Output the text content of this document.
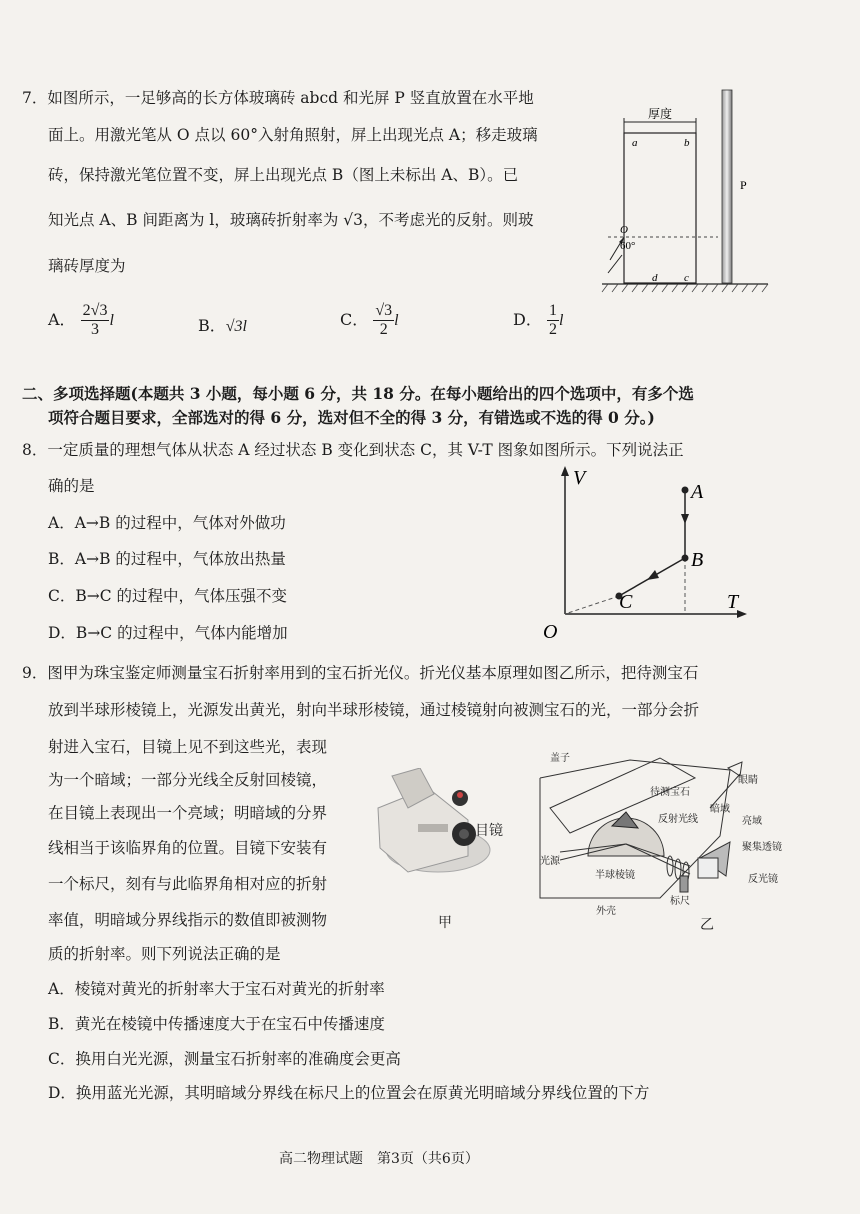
7．如图所示，一足够高的长方体玻璃砖 abcd 和光屏 P 竖直放置在水平地
面上。用激光笔从 O 点以 60°入射角照射，屏上出现光点 A；移走玻璃
砖，保持激光笔位置不变，屏上出现光点 B（图上未标出 A、B）。已
知光点 A、B 间距离为 l，玻璃砖折射率为 √3，不考虑光的反射。则玻
璃砖厚度为
A． $\frac{2√3}{3}$ l	B．√3l	C． $\frac{√3}{2}$ l	D． $\frac{1}{2}$ l
厚度
a	b
d c
O
60°
P
二、多项选择题(本题共 3 小题，每小题 6 分，共 18 分。在每小题给出的四个选项中，有多个选
项符合题目要求，全部选对的得 6 分，选对但不全的得 3 分，有错选或不选的得 0 分。)
8．一定质量的理想气体从状态 A 经过状态 B 变化到状态 C，其 V-T 图象如图所示。下列说法正
确的是
A．A→B 的过程中，气体对外做功
B．A→B 的过程中，气体放出热量
C．B→C 的过程中，气体压强不变
D．B→C 的过程中，气体内能增加
V
T
O
A
B
C
9．图甲为珠宝鉴定师测量宝石折射率用到的宝石折光仪。折光仪基本原理如图乙所示，把待测宝石
放到半球形棱镜上，光源发出黄光，射向半球形棱镜，通过棱镜射向被测宝石的光，一部分会折
射进入宝石，目镜上见不到这些光，表现
为一个暗域；一部分光线全反射回棱镜，
在目镜上表现出一个亮域；明暗域的分界
线相当于该临界角的位置。目镜下安装有
一个标尺，刻有与此临界角相对应的折射
率值，明暗域分界线指示的数值即被测物
质的折射率。则下列说法正确的是
目镜
甲
盖子
待测宝石
眼睛
反射光线
暗域
亮域
聚集透镜
光源
半球棱镜	反光镜
标尺
外壳
乙
A．棱镜对黄光的折射率大于宝石对黄光的折射率
B．黄光在棱镜中传播速度大于在宝石中传播速度
C．换用白光光源，测量宝石折射率的准确度会更高
D．换用蓝光光源，其明暗域分界线在标尺上的位置会在原黄光明暗域分界线位置的下方
高二物理试题　第3页（共6页）
